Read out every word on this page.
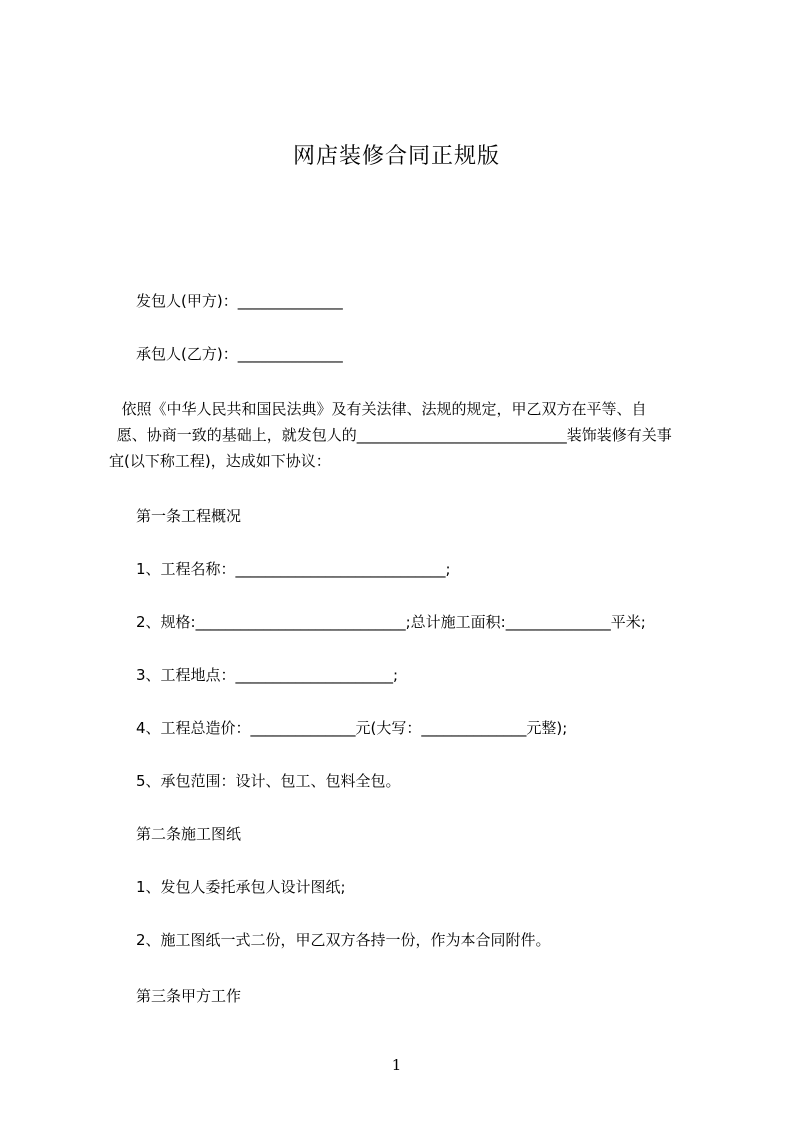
网店装修合同正规版

发包人(甲方)：______________

承包人(乙方)：______________

依照《中华人民共和国民法典》及有关法律、法规的规定，甲乙双方在平等、自

愿、协商一致的基础上，就发包人的____________________________装饰装修有关事

宜(以下称工程)，达成如下协议：

第一条工程概况

1、工程名称：____________________________;

2、规格:____________________________;总计施工面积:______________平米;

3、工程地点：_____________________;

4、工程总造价：______________元(大写：______________元整);

5、承包范围：设计、包工、包料全包。

第二条施工图纸

1、发包人委托承包人设计图纸;

2、施工图纸一式二份，甲乙双方各持一份，作为本合同附件。

第三条甲方工作

1
